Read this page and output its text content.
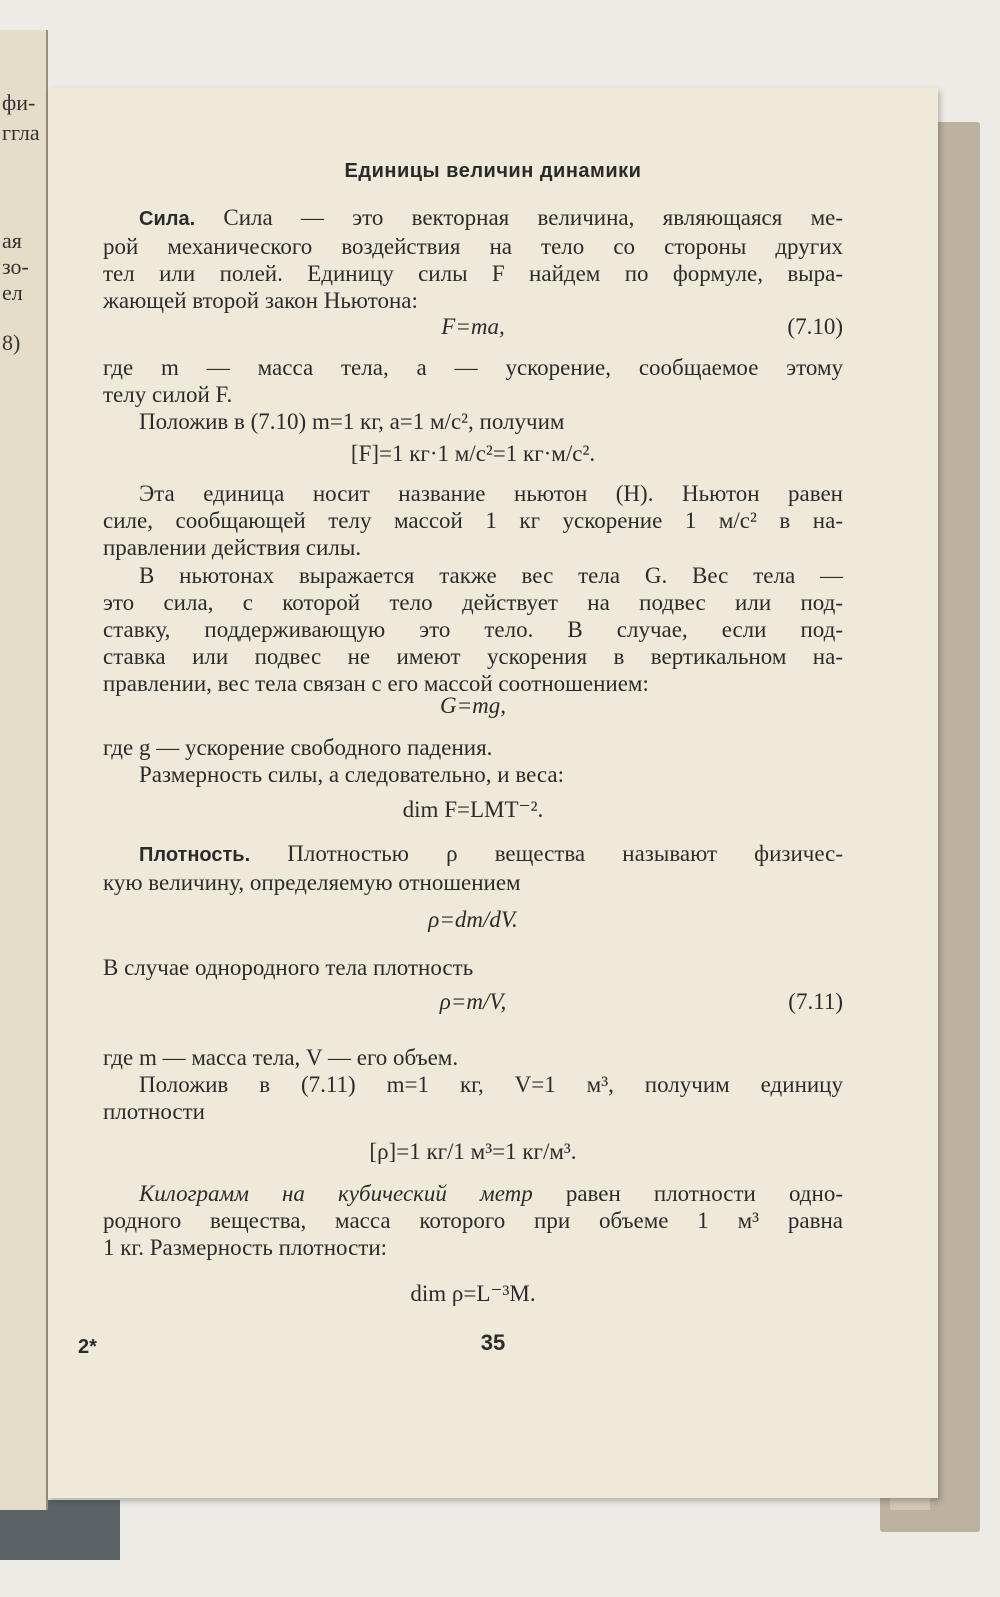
фи-
ггла
ая
зо-
ел
8)
Единицы величин динамики
Сила. Сила — это векторная величина, являющаяся ме-
рой механического воздействия на тело со стороны других
тел или полей. Единицу силы F найдем по формуле, выра-
жающей второй закон Ньютона:
F=ma,	(7.10)
где m — масса тела, a — ускорение, сообщаемое этому
телу силой F.
Положив в (7.10) m=1 кг, a=1 м/с², получим
[F]=1 кг·1 м/с²=1 кг·м/с².
Эта единица носит название ньютон (Н). Ньютон равен
силе, сообщающей телу массой 1 кг ускорение 1 м/с² в на-
правлении действия силы.
В ньютонах выражается также вес тела G. Вес тела —
это сила, с которой тело действует на подвес или под-
ставку, поддерживающую это тело. В случае, если под-
ставка или подвес не имеют ускорения в вертикальном на-
правлении, вес тела связан с его массой соотношением:
G=mg,
где g — ускорение свободного падения.
Размерность силы, а следовательно, и веса:
dim F=LMT⁻².
Плотность. Плотностью ρ вещества называют физичес-
кую величину, определяемую отношением
ρ=dm/dV.
В случае однородного тела плотность
ρ=m/V,	(7.11)
где m — масса тела, V — его объем.
Положив в (7.11) m=1 кг, V=1 м³, получим единицу
плотности
[ρ]=1 кг/1 м³=1 кг/м³.
Килограмм на кубический метр равен плотности одно-
родного вещества, масса которого при объеме 1 м³ равна
1 кг. Размерность плотности:
dim ρ=L⁻³M.
2*	35
